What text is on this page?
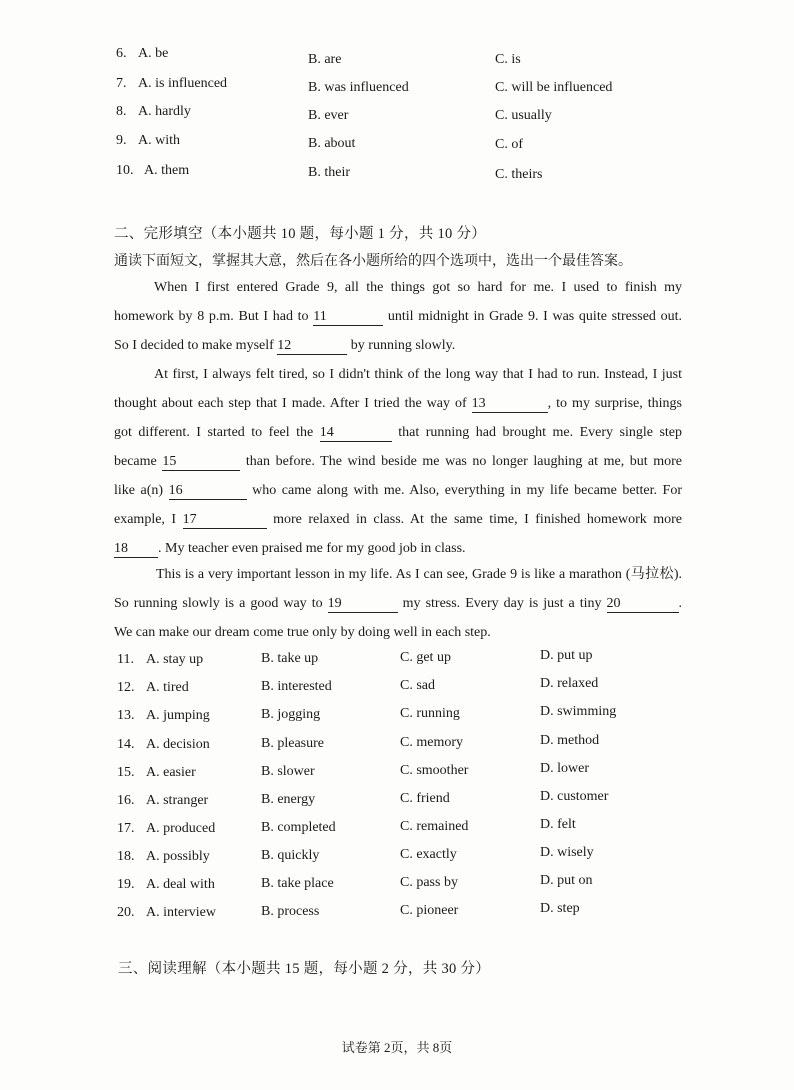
6. A. be	B. are	C. is
7. A. is influenced	B. was influenced	C. will be influenced
8. A. hardly	B. ever	C. usually
9. A. with	B. about	C. of
10. A. them	B. their	C. theirs
二、完形填空（本小题共 10 题，每小题 1 分，共 10 分）
通读下面短文，掌握其大意，然后在各小题所给的四个选项中，选出一个最佳答案。
When I first entered Grade 9, all the things got so hard for me. I used to finish my
homework by 8 p.m. But I had to 11	until midnight in Grade 9. I was quite stressed out.
So I decided to make myself 12	by running slowly.
At first, I always felt tired, so I didn't think of the long way that I had to run. Instead, I just
thought about each step that I made. After I tried the way of 13	, to my surprise, things
got different. I started to feel the 14	that running had brought me. Every single step
became 15	than before. The wind beside me was no longer laughing at me, but more
like a(n) 16	who came along with me. Also, everything in my life became better. For
example, I 17	more relaxed in class. At the same time, I finished homework more
18 . My teacher even praised me for my good job in class.
This is a very important lesson in my life. As I can see, Grade 9 is like a marathon (马拉松).
So running slowly is a good way to 19	my stress. Every day is just a tiny 20	.
We can make our dream come true only by doing well in each step.
11. A. stay up	B. take up	C. get up	D. put up
12. A. tired	B. interested	C. sad	D. relaxed
13. A. jumping	B. jogging	C. running	D. swimming
14. A. decision	B. pleasure	C. memory	D. method
15. A. easier	B. slower	C. smoother	D. lower
16. A. stranger	B. energy	C. friend	D. customer
17. A. produced	B. completed	C. remained	D. felt
18. A. possibly	B. quickly	C. exactly	D. wisely
19. A. deal with	B. take place	C. pass by	D. put on
20. A. interview	B. process	C. pioneer	D. step
三、阅读理解（本小题共 15 题，每小题 2 分，共 30 分）
试卷第 2页，共 8页
